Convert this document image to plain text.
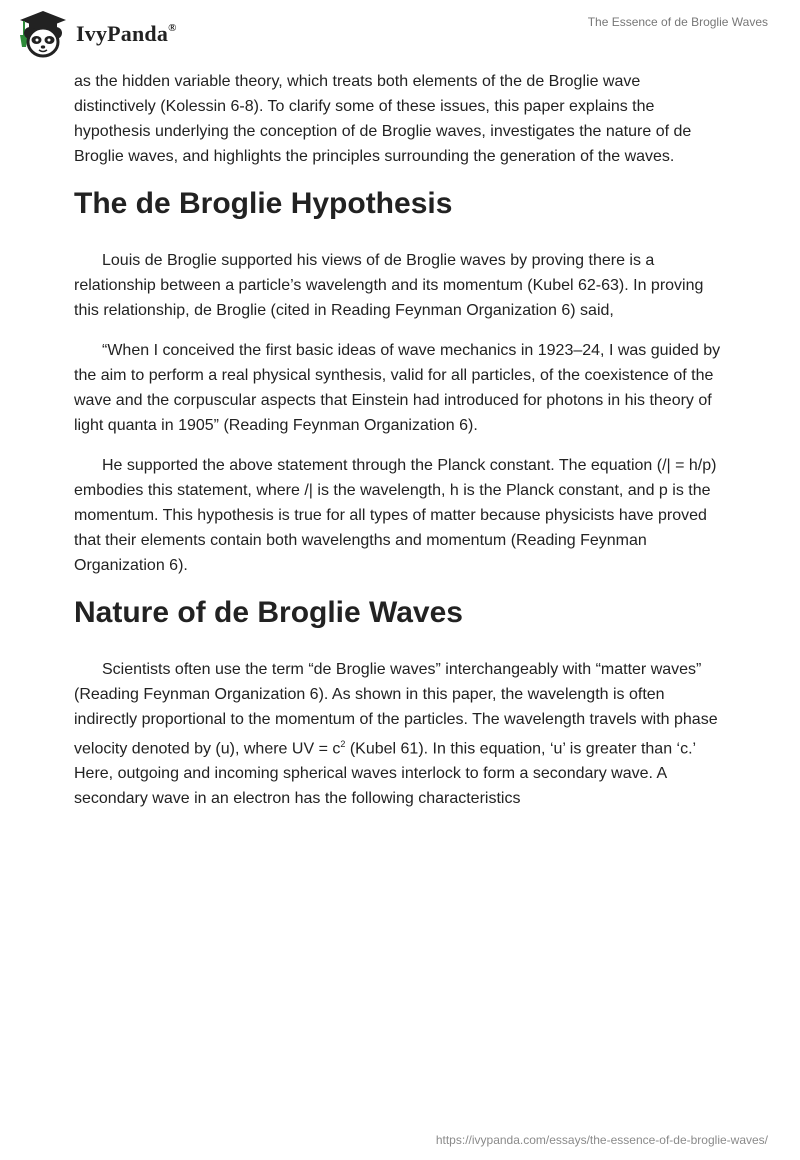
IvyPanda®	The Essence of de Broglie Waves

as the hidden variable theory, which treats both elements of the de Broglie wave distinctively (Kolessin 6-8). To clarify some of these issues, this paper explains the hypothesis underlying the conception of de Broglie waves, investigates the nature of de Broglie waves, and highlights the principles surrounding the generation of the waves.

The de Broglie Hypothesis

Louis de Broglie supported his views of de Broglie waves by proving there is a relationship between a particle’s wavelength and its momentum (Kubel 62-63). In proving this relationship, de Broglie (cited in Reading Feynman Organization 6) said,

“When I conceived the first basic ideas of wave mechanics in 1923–24, I was guided by the aim to perform a real physical synthesis, valid for all particles, of the coexistence of the wave and the corpuscular aspects that Einstein had introduced for photons in his theory of light quanta in 1905” (Reading Feynman Organization 6).

He supported the above statement through the Planck constant. The equation (/| = h/p) embodies this statement, where /| is the wavelength, h is the Planck constant, and p is the momentum. This hypothesis is true for all types of matter because physicists have proved that their elements contain both wavelengths and momentum (Reading Feynman Organization 6).

Nature of de Broglie Waves

Scientists often use the term “de Broglie waves” interchangeably with “matter waves” (Reading Feynman Organization 6). As shown in this paper, the wavelength is often indirectly proportional to the momentum of the particles. The wavelength travels with phase velocity denoted by (u), where UV = $c^2$ (Kubel 61). In this equation, ‘u’ is greater than ‘c.’ Here, outgoing and incoming spherical waves interlock to form a secondary wave. A secondary wave in an electron has the following characteristics

https://ivypanda.com/essays/the-essence-of-de-broglie-waves/
